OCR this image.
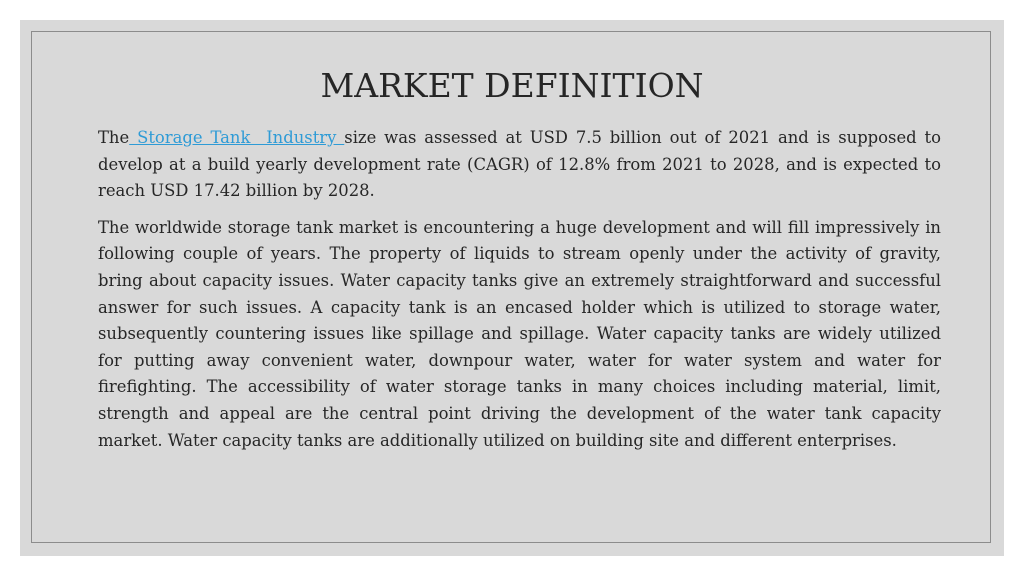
MARKET DEFINITION

The Storage Tank  Industry size was assessed at USD 7.5 billion out of 2021 and is supposed to develop at a build yearly development rate (CAGR) of 12.8% from 2021 to 2028, and is expected to reach USD 17.42 billion by 2028.

The worldwide storage tank market is encountering a huge development and will fill impressively in following couple of years. The property of liquids to stream openly under the activity of gravity, bring about capacity issues. Water capacity tanks give an extremely straightforward and successful answer for such issues. A capacity tank is an encased holder which is utilized to storage water, subsequently countering issues like spillage and spillage. Water capacity tanks are widely utilized for putting away convenient water, downpour water, water for water system and water for firefighting. The accessibility of water storage tanks in many choices including material, limit, strength and appeal are the central point driving the development of the water tank capacity market. Water capacity tanks are additionally utilized on building site and different enterprises.
